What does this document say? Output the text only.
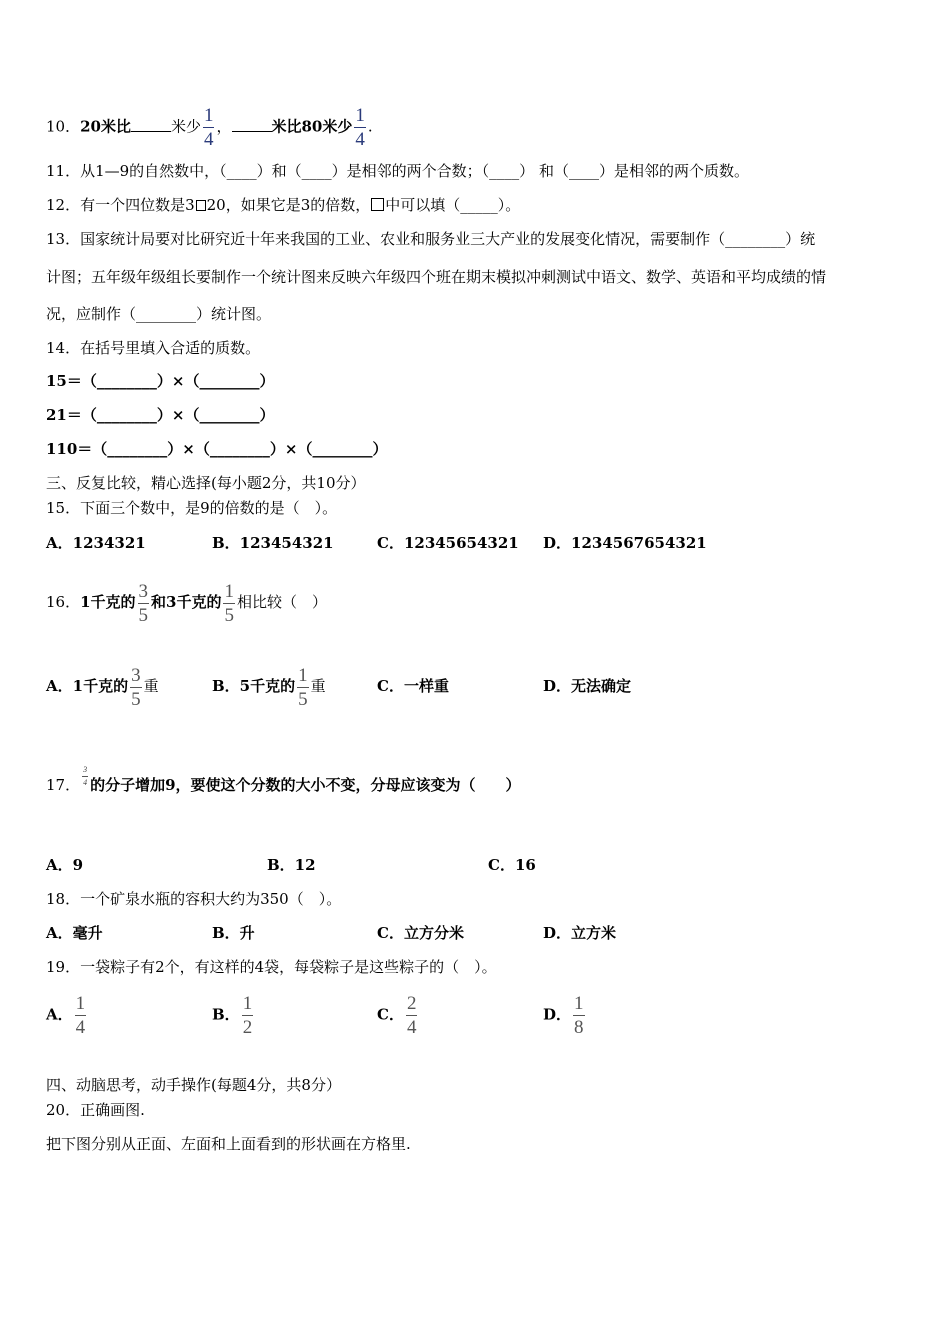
10．20米比	米少 $\frac{1}{4}$ ，	米比80米少 $\frac{1}{4}$ .
11．从1—9的自然数中，（____）和（____）是相邻的两个合数；（____） 和（____）是相邻的两个质数。
12．有一个四位数是3 20，如果它是3的倍数， 中可以填（_____）。
13．国家统计局要对比研究近十年来我国的工业、农业和服务业三大产业的发展变化情况，需要制作（________）统
计图；五年级年级组长要制作一个统计图来反映六年级四个班在期末模拟冲刺测试中语文、数学、英语和平均成绩的情
况，应制作（________）统计图。
14．在括号里填入合适的质数。
15＝（________）×（________）
21＝（________）×（________）
110＝（________）×（________）×（________）
三、反复比较，精心选择(每小题2分，共10分）
15．下面三个数中，是9的倍数的是（　）。
A．1234321	B．123454321	C．12345654321 D．1234567654321
16．1千克的 $\frac{3}{5}$ 和3千克的 $\frac{1}{5}$ 相比较（　）
A．1千克的 $\frac{3}{5}$ 重	B．5千克的 $\frac{1}{5}$ 重	C．一样重	D．无法确定
17． $\frac{3}{4}$ 的分子增加9，要使这个分数的大小不变，分母应该变为（　　）
A．9	B．12	C．16
18．一个矿泉水瓶的容积大约为350（　）。
A．毫升	B．升	C．立方分米	D．立方米
19．一袋粽子有2个，有这样的4袋，每袋粽子是这些粽子的（　）。
A． $\frac{1}{4}$	B． $\frac{1}{2}$	C． $\frac{2}{4}$	D． $\frac{1}{8}$
四、动脑思考，动手操作(每题4分，共8分）
20．正确画图.
把下图分别从正面、左面和上面看到的形状画在方格里.
